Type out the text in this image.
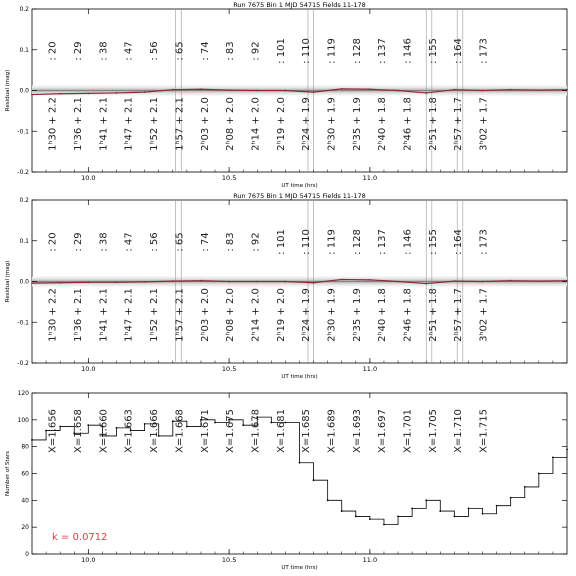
Run 7675 Bin 1 MJD 54715 Fields 11-178
10.0	10.5	11.0
-0.2
-0.1
0.0
0.1
0.2
UT time (hrs)
Residual (mag)
: 20
1ʰ30 + 2.2
: 29
1ʰ36 + 2.1
: 38
1ʰ41 + 2.1
: 47
1ʰ47 + 2.1
: 56
1ʰ52 + 2.1
: 65
1ʰ57 + 2.1
: 74
2ʰ03 + 2.0
: 83
2ʰ08 + 2.0
: 92
2ʰ14 + 2.0
: 101
2ʰ19 + 2.0
: 110
2ʰ24 + 1.9
: 119
2ʰ30 + 1.9
: 128
2ʰ35 + 1.9
: 137
2ʰ40 + 1.8
: 146
2ʰ46 + 1.8
: 155
2ʰ51 + 1.8
: 164
2ʰ57 + 1.7
: 173
3ʰ02 + 1.7
Run 7675 Bin 1 MJD 54715 Fields 11-178
10.0	10.5	11.0
-0.2
-0.1
0.0
0.1
0.2
UT time (hrs)
Residual (mag)
: 20
1ʰ30 + 2.2
: 29
1ʰ36 + 2.1
: 38
1ʰ41 + 2.1
: 47
1ʰ47 + 2.1
: 56
1ʰ52 + 2.1
: 65
1ʰ57 + 2.1
: 74
2ʰ03 + 2.0
: 83
2ʰ08 + 2.0
: 92
2ʰ14 + 2.0
: 101
2ʰ19 + 2.0
: 110
2ʰ24 + 1.9
: 119
2ʰ30 + 1.9
: 128
2ʰ35 + 1.9
: 137
2ʰ40 + 1.8
: 146
2ʰ46 + 1.8
: 155
2ʰ51 + 1.8
: 164
2ʰ57 + 1.7
: 173
3ʰ02 + 1.7
10.0	10.5	11.0
0
20
40
60
80
100
120
UT time (hrs)
Number of Stars
X=1.656 X=1.658 X=1.660 X=1.663 X=1.666 X=1.668 X=1.671 X=1.675 X=1.678 X=1.681 X=1.685 X=1.689 X=1.693 X=1.697 X=1.701 X=1.705 X=1.710 X=1.715
k = 0.0712
